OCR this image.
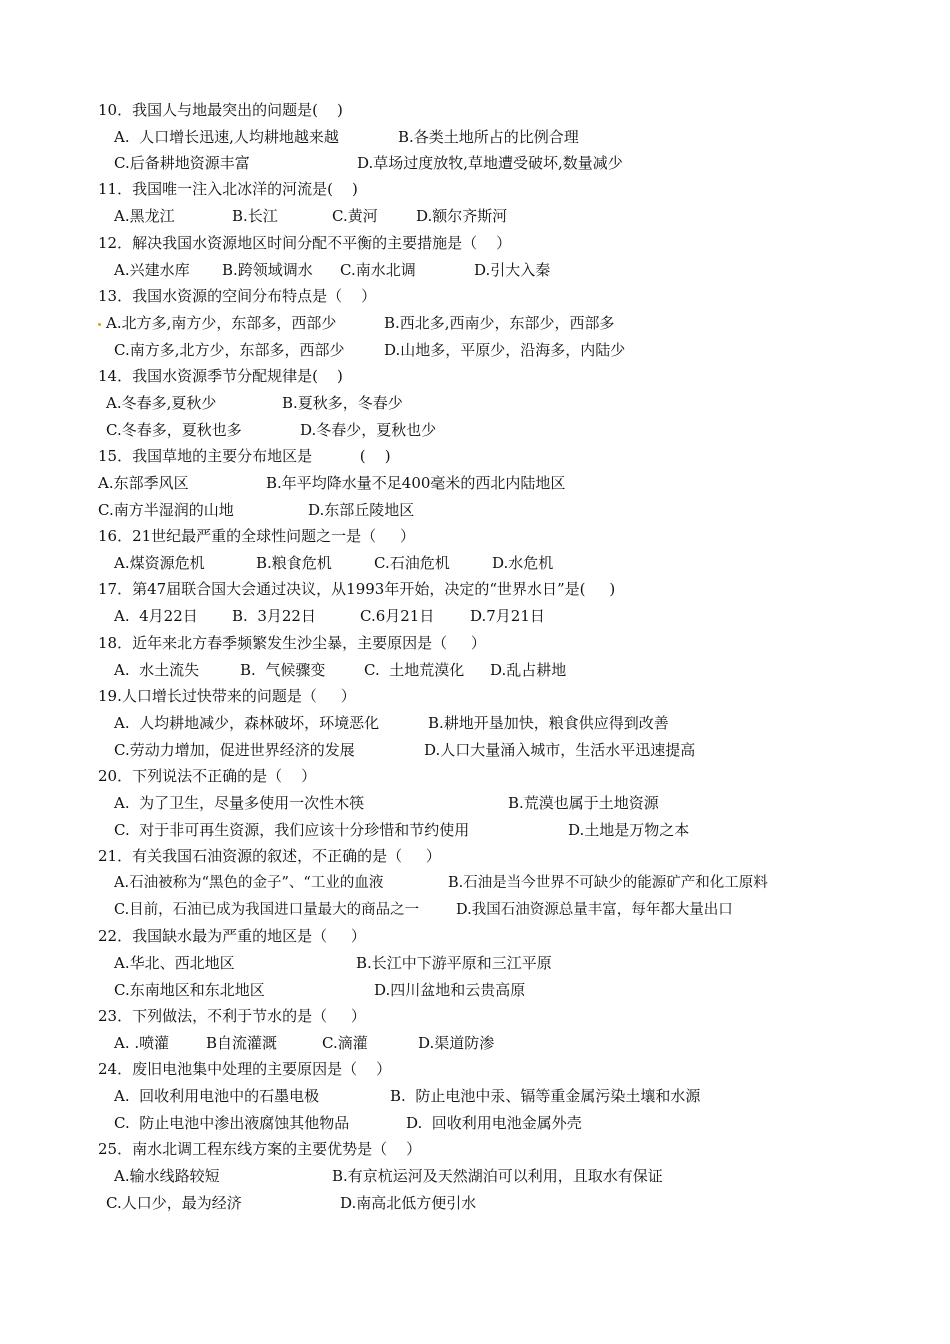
10．我国人与地最突出的问题是(    )
A.  人口增长迅速,人均耕地越来越	B.各类土地所占的比例合理
C.后备耕地资源丰富	D.草场过度放牧,草地遭受破坏,数量减少
11．我国唯一注入北冰洋的河流是(    )
A.黑龙江	B.长江	C.黄河	D.额尔齐斯河
12．解决我国水资源地区时间分配不平衡的主要措施是（    ）
A.兴建水库 B.跨领域调水 C.南水北调	D.引大入秦
13．我国水资源的空间分布特点是（    ）
A.北方多,南方少，东部多，西部少	B.西北多,西南少，东部少，西部多
C.南方多,北方少，东部多，西部少	D.山地多，平原少，沿海多，内陆少
14．我国水资源季节分配规律是(    )
A.冬春多,夏秋少	B.夏秋多，冬春少
C.冬春多，夏秋也多	D.冬春少，夏秋也少
15．我国草地的主要分布地区是          (    )
A.东部季风区	B.年平均降水量不足400毫米的西北内陆地区
C.南方半湿润的山地	D.东部丘陵地区
16．21世纪最严重的全球性问题之一是（     ）
A.煤资源危机	B.粮食危机	C.石油危机	D.水危机
17．第47届联合国大会通过决议，从1993年开始，决定的“世界水日”是(     )
A.  4月22日 B.  3月22日	C.6月21日 D.7月21日
18．近年来北方春季频繁发生沙尘暴，主要原因是（     ）
A.  水土流失	B.  气候骤变	C.  土地荒漠化 D.乱占耕地
19.人口增长过快带来的问题是（     ）
A.  人均耕地减少，森林破坏，环境恶化	B.耕地开垦加快，粮食供应得到改善
C.劳动力增加，促进世界经济的发展	D.人口大量涌入城市，生活水平迅速提高
20．下列说法不正确的是（    ）
A.  为了卫生，尽量多使用一次性木筷	B.荒漠也属于土地资源
C.  对于非可再生资源，我们应该十分珍惜和节约使用	D.土地是万物之本
21．有关我国石油资源的叙述，不正确的是（     ）
A.石油被称为“黑色的金子”、“工业的血液	B.石油是当今世界不可缺少的能源矿产和化工原料
C.目前，石油已成为我国进口量最大的商品之一	D.我国石油资源总量丰富，每年都大量出口
22．我国缺水最为严重的地区是（     ）
A.华北、西北地区	B.长江中下游平原和三江平原
C.东南地区和东北地区	D.四川盆地和云贵高原
23．下列做法，不利于节水的是（     ）
A. .喷灌 B自流灌溉	C.滴灌	D.渠道防渗
24．废旧电池集中处理的主要原因是（    ）
A.  回收利用电池中的石墨电极	B.  防止电池中汞、镉等重金属污染土壤和水源
C.  防止电池中渗出液腐蚀其他物品	D.  回收利用电池金属外壳
25．南水北调工程东线方案的主要优势是（    ）
A.输水线路较短	B.有京杭运河及天然湖泊可以利用，且取水有保证
C.人口少，最为经济	D.南高北低方便引水
